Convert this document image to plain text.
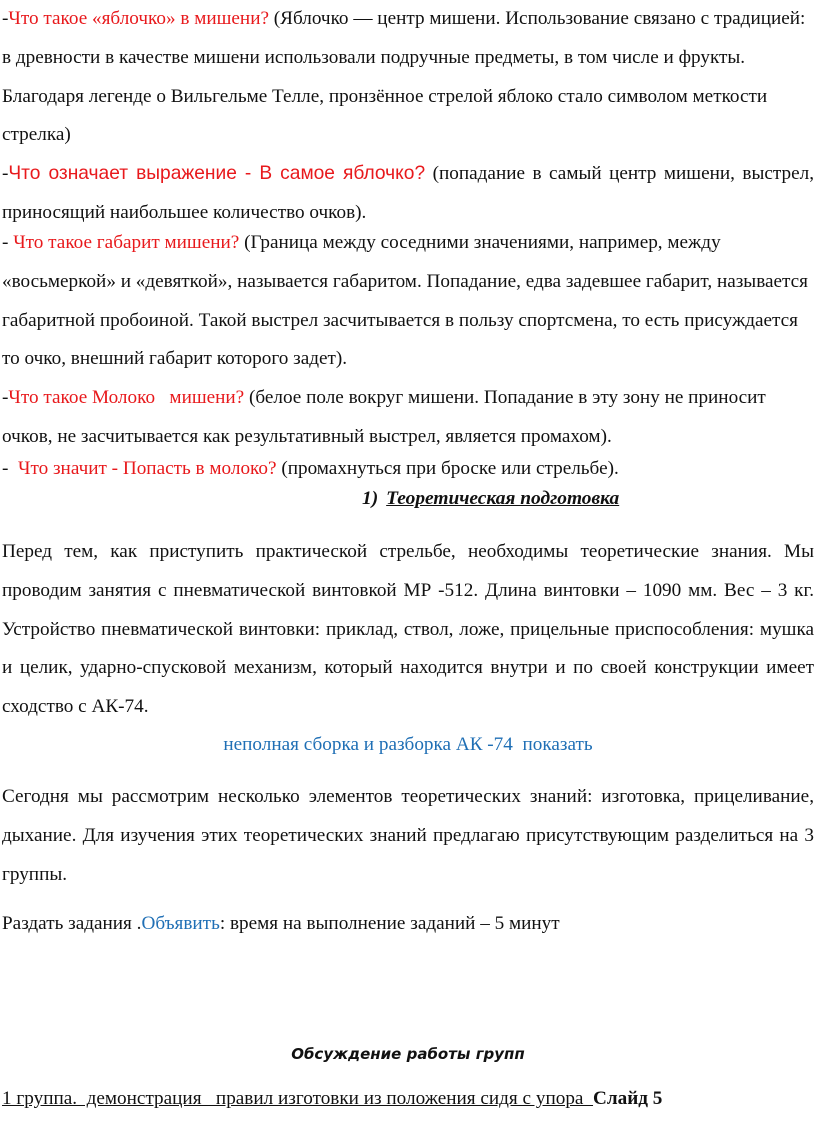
-Что такое «яблочко» в мишени? (Яблочко — центр мишени. Использование связано с традицией: в древности в качестве мишени использовали подручные предметы, в том числе и фрукты. Благодаря легенде о Вильгельме Телле, пронзённое стрелой яблоко стало символом меткости стрелка)

-Что означает выражение - В самое яблочко? (попадание в самый центр мишени, выстрел, приносящий наибольшее количество очков).

- Что такое габарит мишени? (Граница между соседними значениями, например, между «восьмеркой» и «девяткой», называется габаритом. Попадание, едва задевшее габарит, называется габаритной пробоиной. Такой выстрел засчитывается в пользу спортсмена, то есть присуждается то очко, внешний габарит которого задет).

-Что такое Молоко   мишени? (белое поле вокруг мишени. Попадание в эту зону не приносит очков, не засчитывается как результативный выстрел, является промахом).

-  Что значит - Попасть в молоко? (промахнуться при броске или стрельбе).

1) Теоретическая подготовка

Перед тем, как приступить практической стрельбе, необходимы теоретические знания. Мы проводим занятия с пневматической винтовкой МР -512. Длина винтовки – 1090 мм. Вес – 3 кг. Устройство пневматической винтовки: приклад, ствол, ложе, прицельные приспособления: мушка и целик, ударно-спусковой механизм, который находится внутри и по своей конструкции имеет сходство с АК-74.

неполная сборка и разборка АК -74  показать

Сегодня мы рассмотрим несколько элементов теоретических знаний: изготовка, прицеливание, дыхание. Для изучения этих теоретических знаний предлагаю присутствующим разделиться на 3 группы.

Раздать задания .Объявить: время на выполнение заданий – 5 минут

Обсуждение работы групп
1 группа.  демонстрация   правил изготовки из положения сидя с упора  Слайд 5
